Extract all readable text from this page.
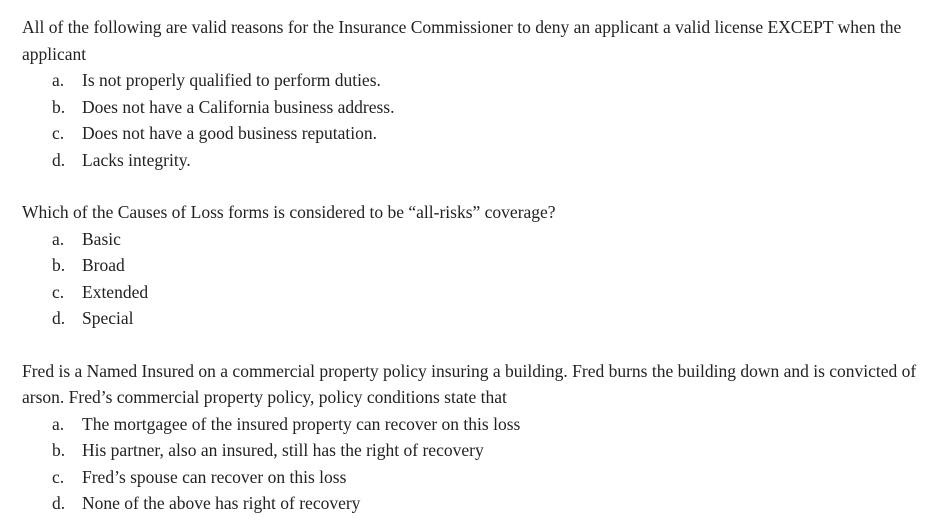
All of the following are valid reasons for the Insurance Commissioner to deny an applicant a valid license EXCEPT when the applicant

a.	Is not properly qualified to perform duties.
b. Does not have a California business address.
c.	Does not have a good business reputation.
d. Lacks integrity.

Which of the Causes of Loss forms is considered to be “all-risks” coverage?

a.	Basic
b. Broad
c.	Extended
d. Special

Fred is a Named Insured on a commercial property policy insuring a building. Fred burns the building down and is convicted of arson. Fred’s commercial property policy, policy conditions state that

a.	The mortgagee of the insured property can recover on this loss
b. His partner, also an insured, still has the right of recovery
c.	Fred’s spouse can recover on this loss
d. None of the above has right of recovery
